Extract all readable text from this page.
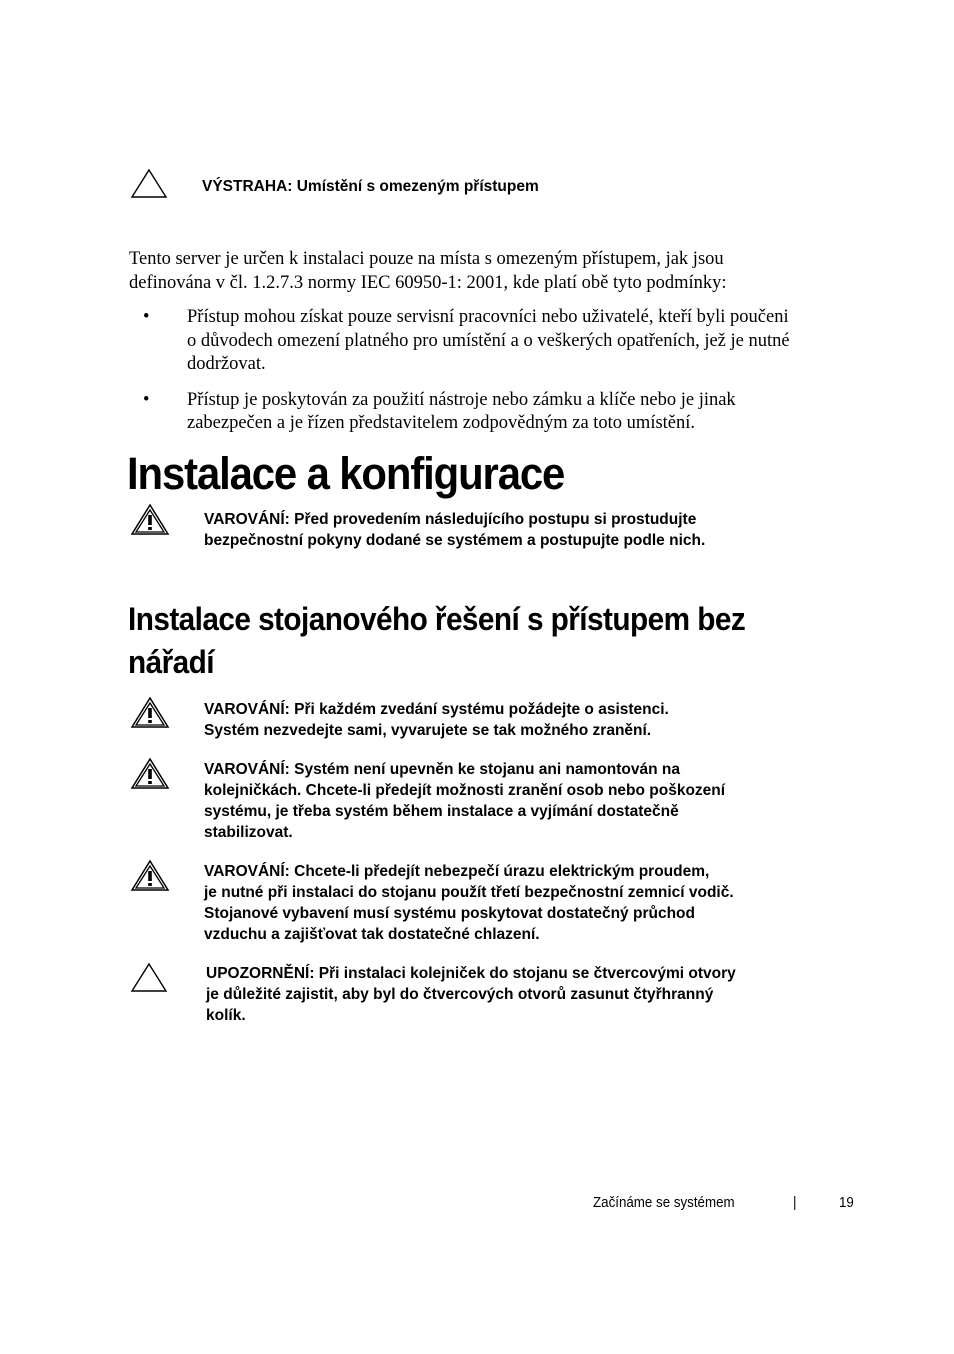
VÝSTRAHA: Umístění s omezeným přístupem
Tento server je určen k instalaci pouze na místa s omezeným přístupem, jak jsou
definována v čl. 1.2.7.3 normy IEC 60950-1: 2001, kde platí obě tyto podmínky:
• Přístup mohou získat pouze servisní pracovníci nebo uživatelé, kteří byli poučeni
o důvodech omezení platného pro umístění a o veškerých opatřeních, jež je nutné
dodržovat.
• Přístup je poskytován za použití nástroje nebo zámku a klíče nebo je jinak
zabezpečen a je řízen představitelem zodpovědným za toto umístění.
Instalace a konfigurace
VAROVÁNÍ: Před provedením následujícího postupu si prostudujte
bezpečnostní pokyny dodané se systémem a postupujte podle nich.
Instalace stojanového řešení s přístupem bez
nářadí
VAROVÁNÍ: Při každém zvedání systému požádejte o asistenci.
Systém nezvedejte sami, vyvarujete se tak možného zranění.
VAROVÁNÍ: Systém není upevněn ke stojanu ani namontován na
kolejničkách. Chcete-li předejít možnosti zranění osob nebo poškození
systému, je třeba systém během instalace a vyjímání dostatečně
stabilizovat.
VAROVÁNÍ: Chcete-li předejít nebezpečí úrazu elektrickým proudem,
je nutné při instalaci do stojanu použít třetí bezpečnostní zemnicí vodič.
Stojanové vybavení musí systému poskytovat dostatečný průchod
vzduchu a zajišťovat tak dostatečné chlazení.
UPOZORNĚNÍ: Při instalaci kolejniček do stojanu se čtvercovými otvory
je důležité zajistit, aby byl do čtvercových otvorů zasunut čtyřhranný
kolík.
Začínáme se systémem	|	19
